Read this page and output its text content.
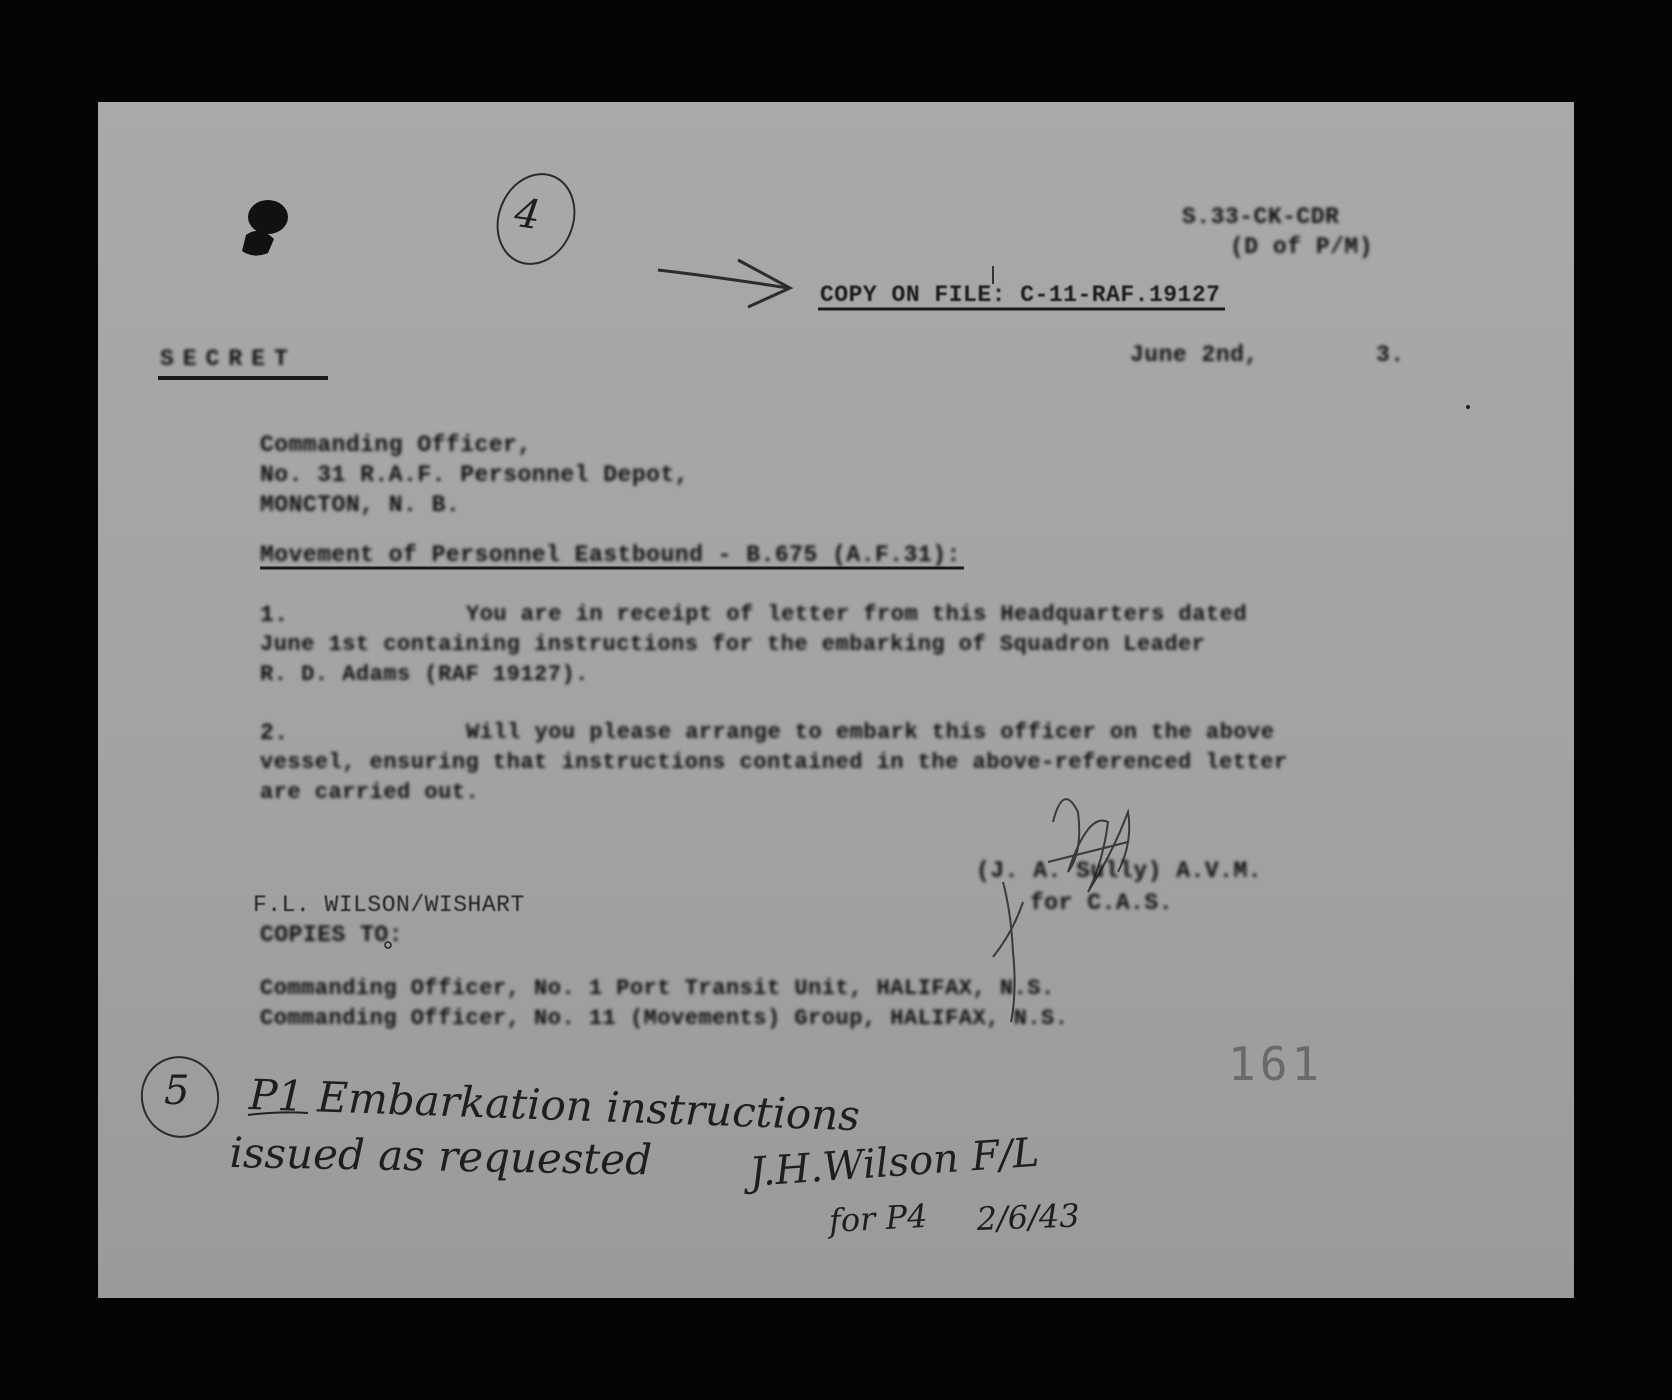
4	S.33-CK-CDR
(D of P/M)
COPY ON FILE: C-11-RAF.19127
SECRET	June 2nd,	3.
Commanding Officer,
No. 31 R.A.F. Personnel Depot,
MONCTON, N. B.
Movement of Personnel Eastbound - B.675 (A.F.31):
1.	You are in receipt of letter from this Headquarters dated
June 1st containing instructions for the embarking of Squadron Leader
R. D. Adams (RAF 19127).
2.	Will you please arrange to embark this officer on the above
vessel, ensuring that instructions contained in the above-referenced letter
are carried out.
(J. A. Sully) A.V.M.
for C.A.S.
F.L. WILSON/WISHART
COPIES TO:
Commanding Officer, No. 1 Port Transit Unit, HALIFAX, N.S.
Commanding Officer, No. 11 (Movements) Group, HALIFAX, N.S.
161
5 P1 Embarkation instructions
issued as requested J.H.Wilson F/L
for P4 2/6/43
